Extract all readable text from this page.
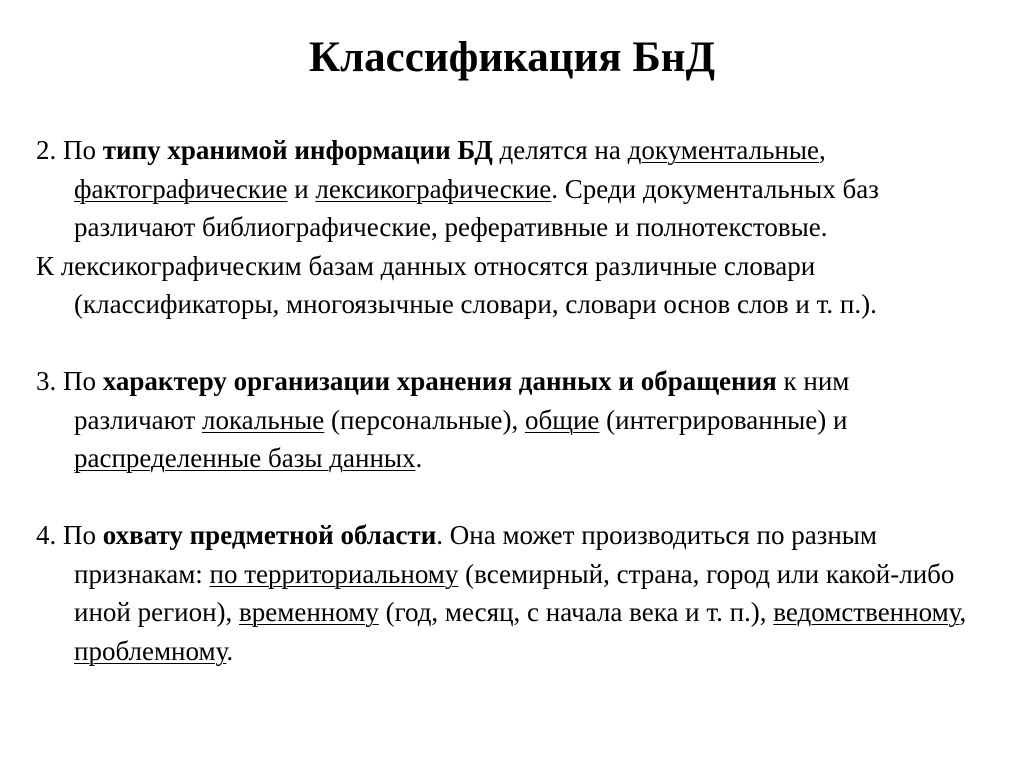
Классификация БнД

2. По типу хранимой информации БД делятся на документальные, фактографические и лексикографические. Среди документальных баз различают библиографические, реферативные и полнотекстовые.

К лексикографическим базам данных относятся различные словари (классификаторы, многоязычные словари, словари основ слов и т. п.).

3. По характеру организации хранения данных и обращения к ним различают локальные (персональные), общие (интегрированные) и распределенные базы данных.

4. По охвату предметной области. Она может производиться по разным признакам: по территориальному (всемирный, страна, город или какой-либо иной регион), временному (год, месяц, с начала века и т. п.), ведомственному, проблемному.
